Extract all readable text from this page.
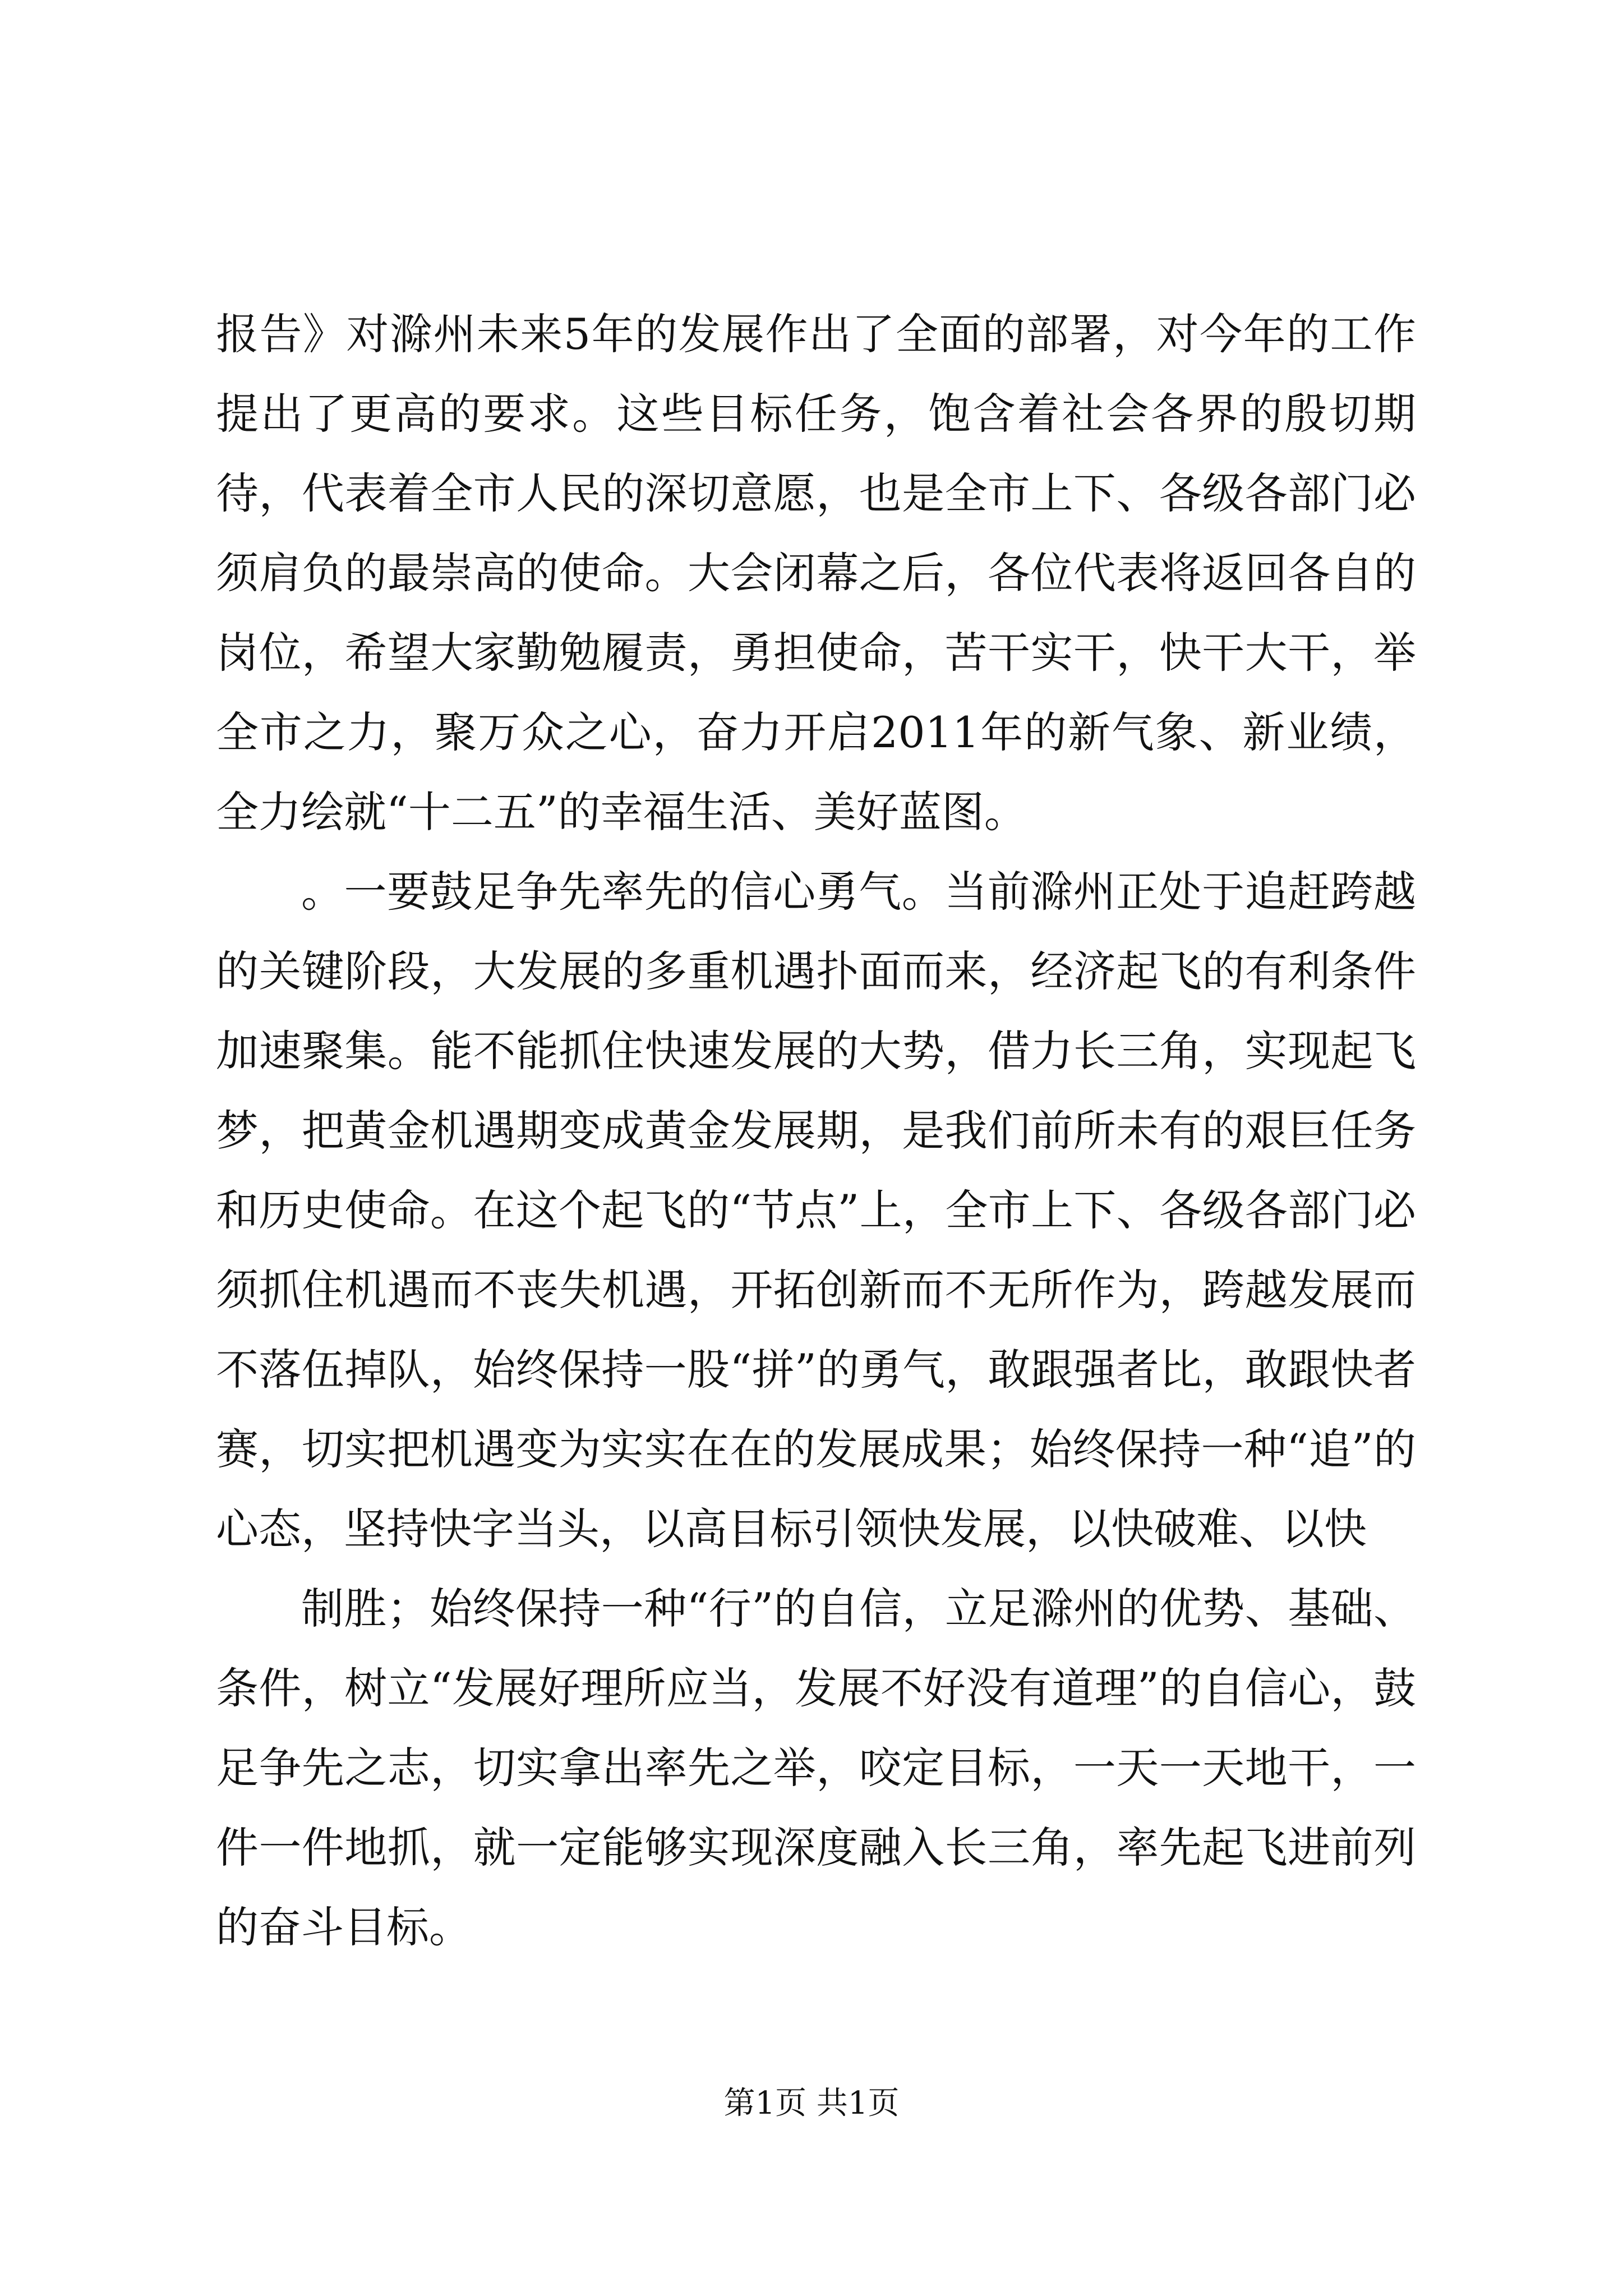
报告》对滁州未来5年的发展作出了全面的部署，对今年的工作提出了更高的要求。这些目标任务，饱含着社会各界的殷切期待，代表着全市人民的深切意愿，也是全市上下、各级各部门必须肩负的最崇高的使命。大会闭幕之后，各位代表将返回各自的岗位，希望大家勤勉履责，勇担使命，苦干实干，快干大干，举全市之力，聚万众之心，奋力开启2011年的新气象、新业绩，全力绘就“十二五”的幸福生活、美好蓝图。

。一要鼓足争先率先的信心勇气。当前滁州正处于追赶跨越的关键阶段，大发展的多重机遇扑面而来，经济起飞的有利条件加速聚集。能不能抓住快速发展的大势，借力长三角，实现起飞梦，把黄金机遇期变成黄金发展期，是我们前所未有的艰巨任务和历史使命。在这个起飞的“节点”上，全市上下、各级各部门必须抓住机遇而不丧失机遇，开拓创新而不无所作为，跨越发展而不落伍掉队，始终保持一股“拼”的勇气，敢跟强者比，敢跟快者赛，切实把机遇变为实实在在的发展成果；始终保持一种“追”的心态，坚持快字当头，以高目标引领快发展，以快破难、以快

制胜；始终保持一种“行”的自信，立足滁州的优势、基础、条件，树立“发展好理所应当，发展不好没有道理”的自信心，鼓足争先之志，切实拿出率先之举，咬定目标，一天一天地干，一件一件地抓，就一定能够实现深度融入长三角，率先起飞进前列的奋斗目标。

第1页 共1页
